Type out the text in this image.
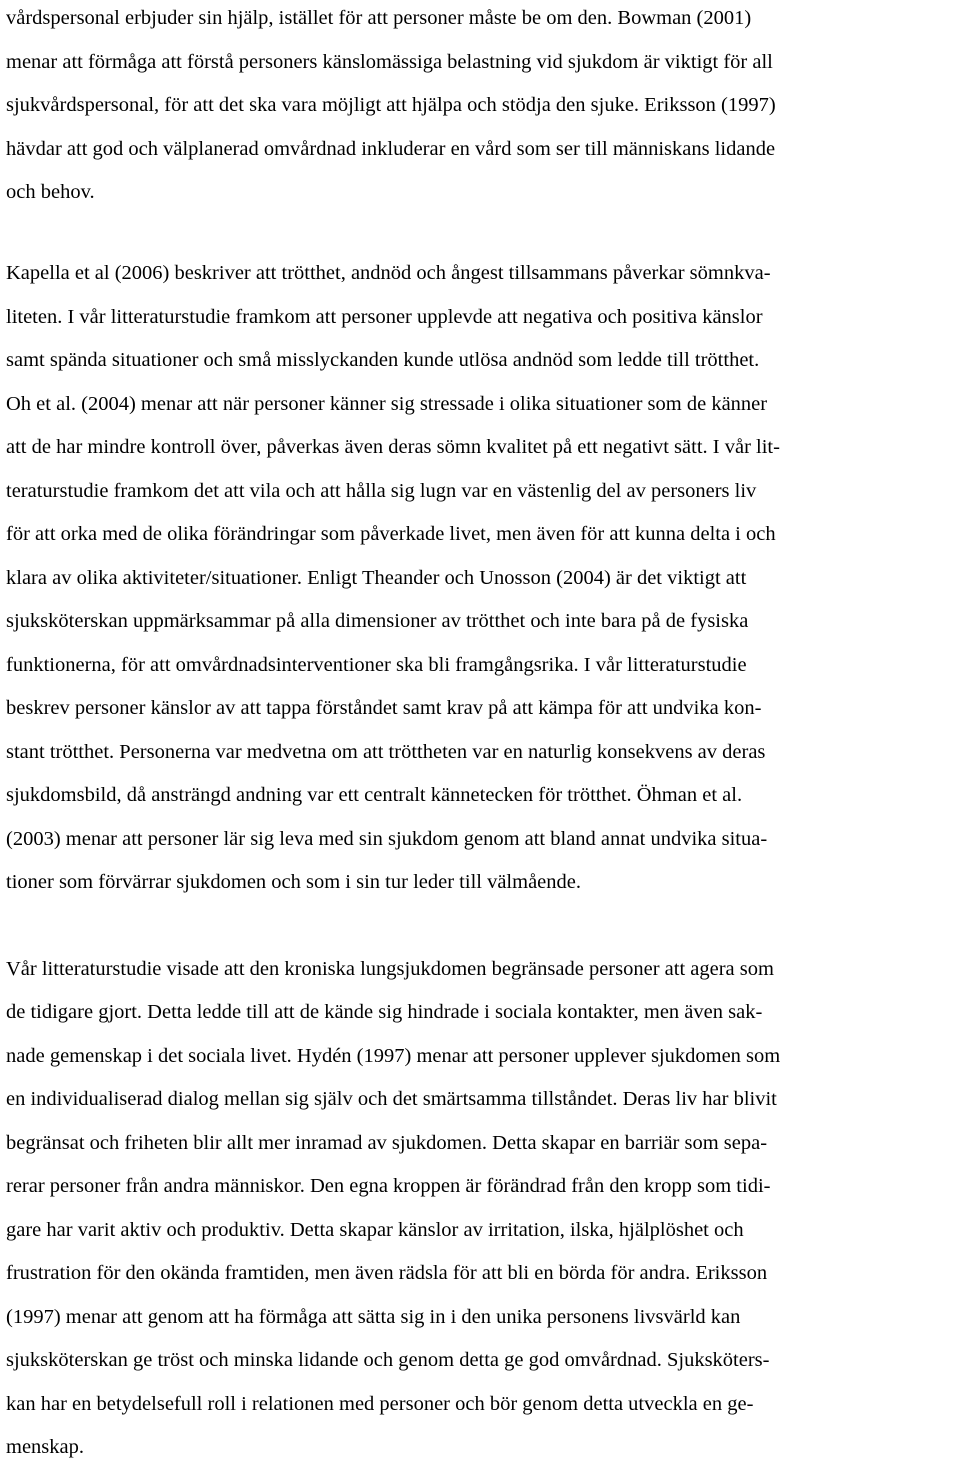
vårdspersonal erbjuder sin hjälp, istället för att personer måste be om den. Bowman (2001)

menar att förmåga att förstå personers känslomässiga belastning vid sjukdom är viktigt för all

sjukvårdspersonal, för att det ska vara möjligt att hjälpa och stödja den sjuke. Eriksson (1997)

hävdar att god och välplanerad omvårdnad inkluderar en vård som ser till människans lidande

och behov.

Kapella et al (2006) beskriver att trötthet, andnöd och ångest tillsammans påverkar sömnkva-

liteten. I vår litteraturstudie framkom att personer upplevde att negativa och positiva känslor

samt spända situationer och små misslyckanden kunde utlösa andnöd som ledde till trötthet.

Oh et al. (2004) menar att när personer känner sig stressade i olika situationer som de känner

att de har mindre kontroll över, påverkas även deras sömn kvalitet på ett negativt sätt. I vår lit-

teraturstudie framkom det att vila och att hålla sig lugn var en västenlig del av personers liv

för att orka med de olika förändringar som påverkade livet, men även för att kunna delta i och

klara av olika aktiviteter/situationer. Enligt Theander och Unosson (2004) är det viktigt att

sjuksköterskan uppmärksammar på alla dimensioner av trötthet och inte bara på de fysiska

funktionerna, för att omvårdnadsinterventioner ska bli framgångsrika. I vår litteraturstudie

beskrev personer känslor av att tappa förståndet samt krav på att kämpa för att undvika kon-

stant trötthet. Personerna var medvetna om att tröttheten var en naturlig konsekvens av deras

sjukdomsbild, då ansträngd andning var ett centralt kännetecken för trötthet. Öhman et al.

(2003) menar att personer lär sig leva med sin sjukdom genom att bland annat undvika situa-

tioner som förvärrar sjukdomen och som i sin tur leder till välmående.

Vår litteraturstudie visade att den kroniska lungsjukdomen begränsade personer att agera som

de tidigare gjort. Detta ledde till att de kände sig hindrade i sociala kontakter, men även sak-

nade gemenskap i det sociala livet. Hydén (1997) menar att personer upplever sjukdomen som

en individualiserad dialog mellan sig själv och det smärtsamma tillståndet. Deras liv har blivit

begränsat och friheten blir allt mer inramad av sjukdomen. Detta skapar en barriär som sepa-

rerar personer från andra människor. Den egna kroppen är förändrad från den kropp som tidi-

gare har varit aktiv och produktiv. Detta skapar känslor av irritation, ilska, hjälplöshet och

frustration för den okända framtiden, men även rädsla för att bli en börda för andra. Eriksson

(1997) menar att genom att ha förmåga att sätta sig in i den unika personens livsvärld kan

sjuksköterskan ge tröst och minska lidande och genom detta ge god omvårdnad. Sjuksköters-

kan har en betydelsefull roll i relationen med personer och bör genom detta utveckla en ge-

menskap.
